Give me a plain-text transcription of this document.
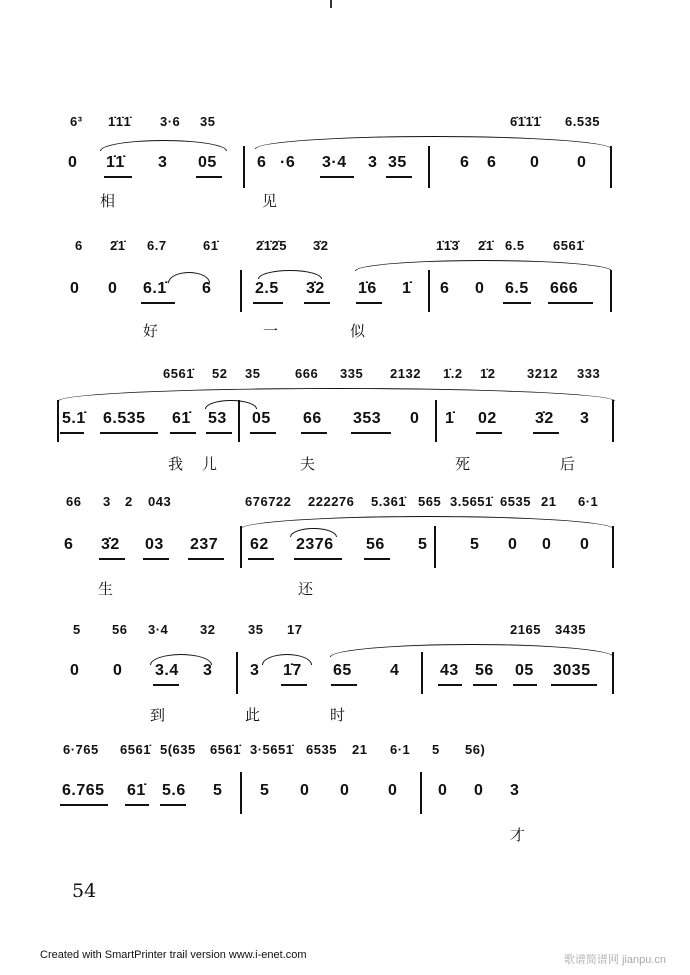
6³ 1̇1̇1̇ 3·6 35	6̇1̇1̇1̇ 6.535
0 1̇1̇ 3 05	6 ·6 3·4 3 35	6 6 0 0
相	见
6 2̇1̇ 6.7	61̇	2̇1̇2̇5 3̇2	1̇1̇3̇ 2̇1̇ 6.5 6561̇
0 0 6.1̇ 6	2.5 3̇2 1̇6 1̇ 6 0 6.5 666
好	一	似
6561̇ 52 35	666 335 2132 1̇.2 1̇2 3212 333
5.1̇ 6.535 61̇ 53 05 66 353 0 1̇ 02 3̇2 3
我 儿	夫	死	后
66 3 2 043	676722 222276 5.361̇ 565 3.5651̇ 6535 21 6·1
6 3̇2 03 237 62 2376 56 5	5 0 0 0
生	还
5 56 3·4 32	35 17	2165 3435
0 0 3.4 3 3 1̇7 65 4	43 56 05 3035
到	此	时
6·765 6561̇ 5(635 6561̇ 3·5651̇ 6535 21 6·1 5 56)
6.765 61̇ 5.6 5 5 0 0 0	0 0 3
才
54
Created with SmartPrinter trail version www.i-enet.com	歌谱简谱网 jianpu.cn
